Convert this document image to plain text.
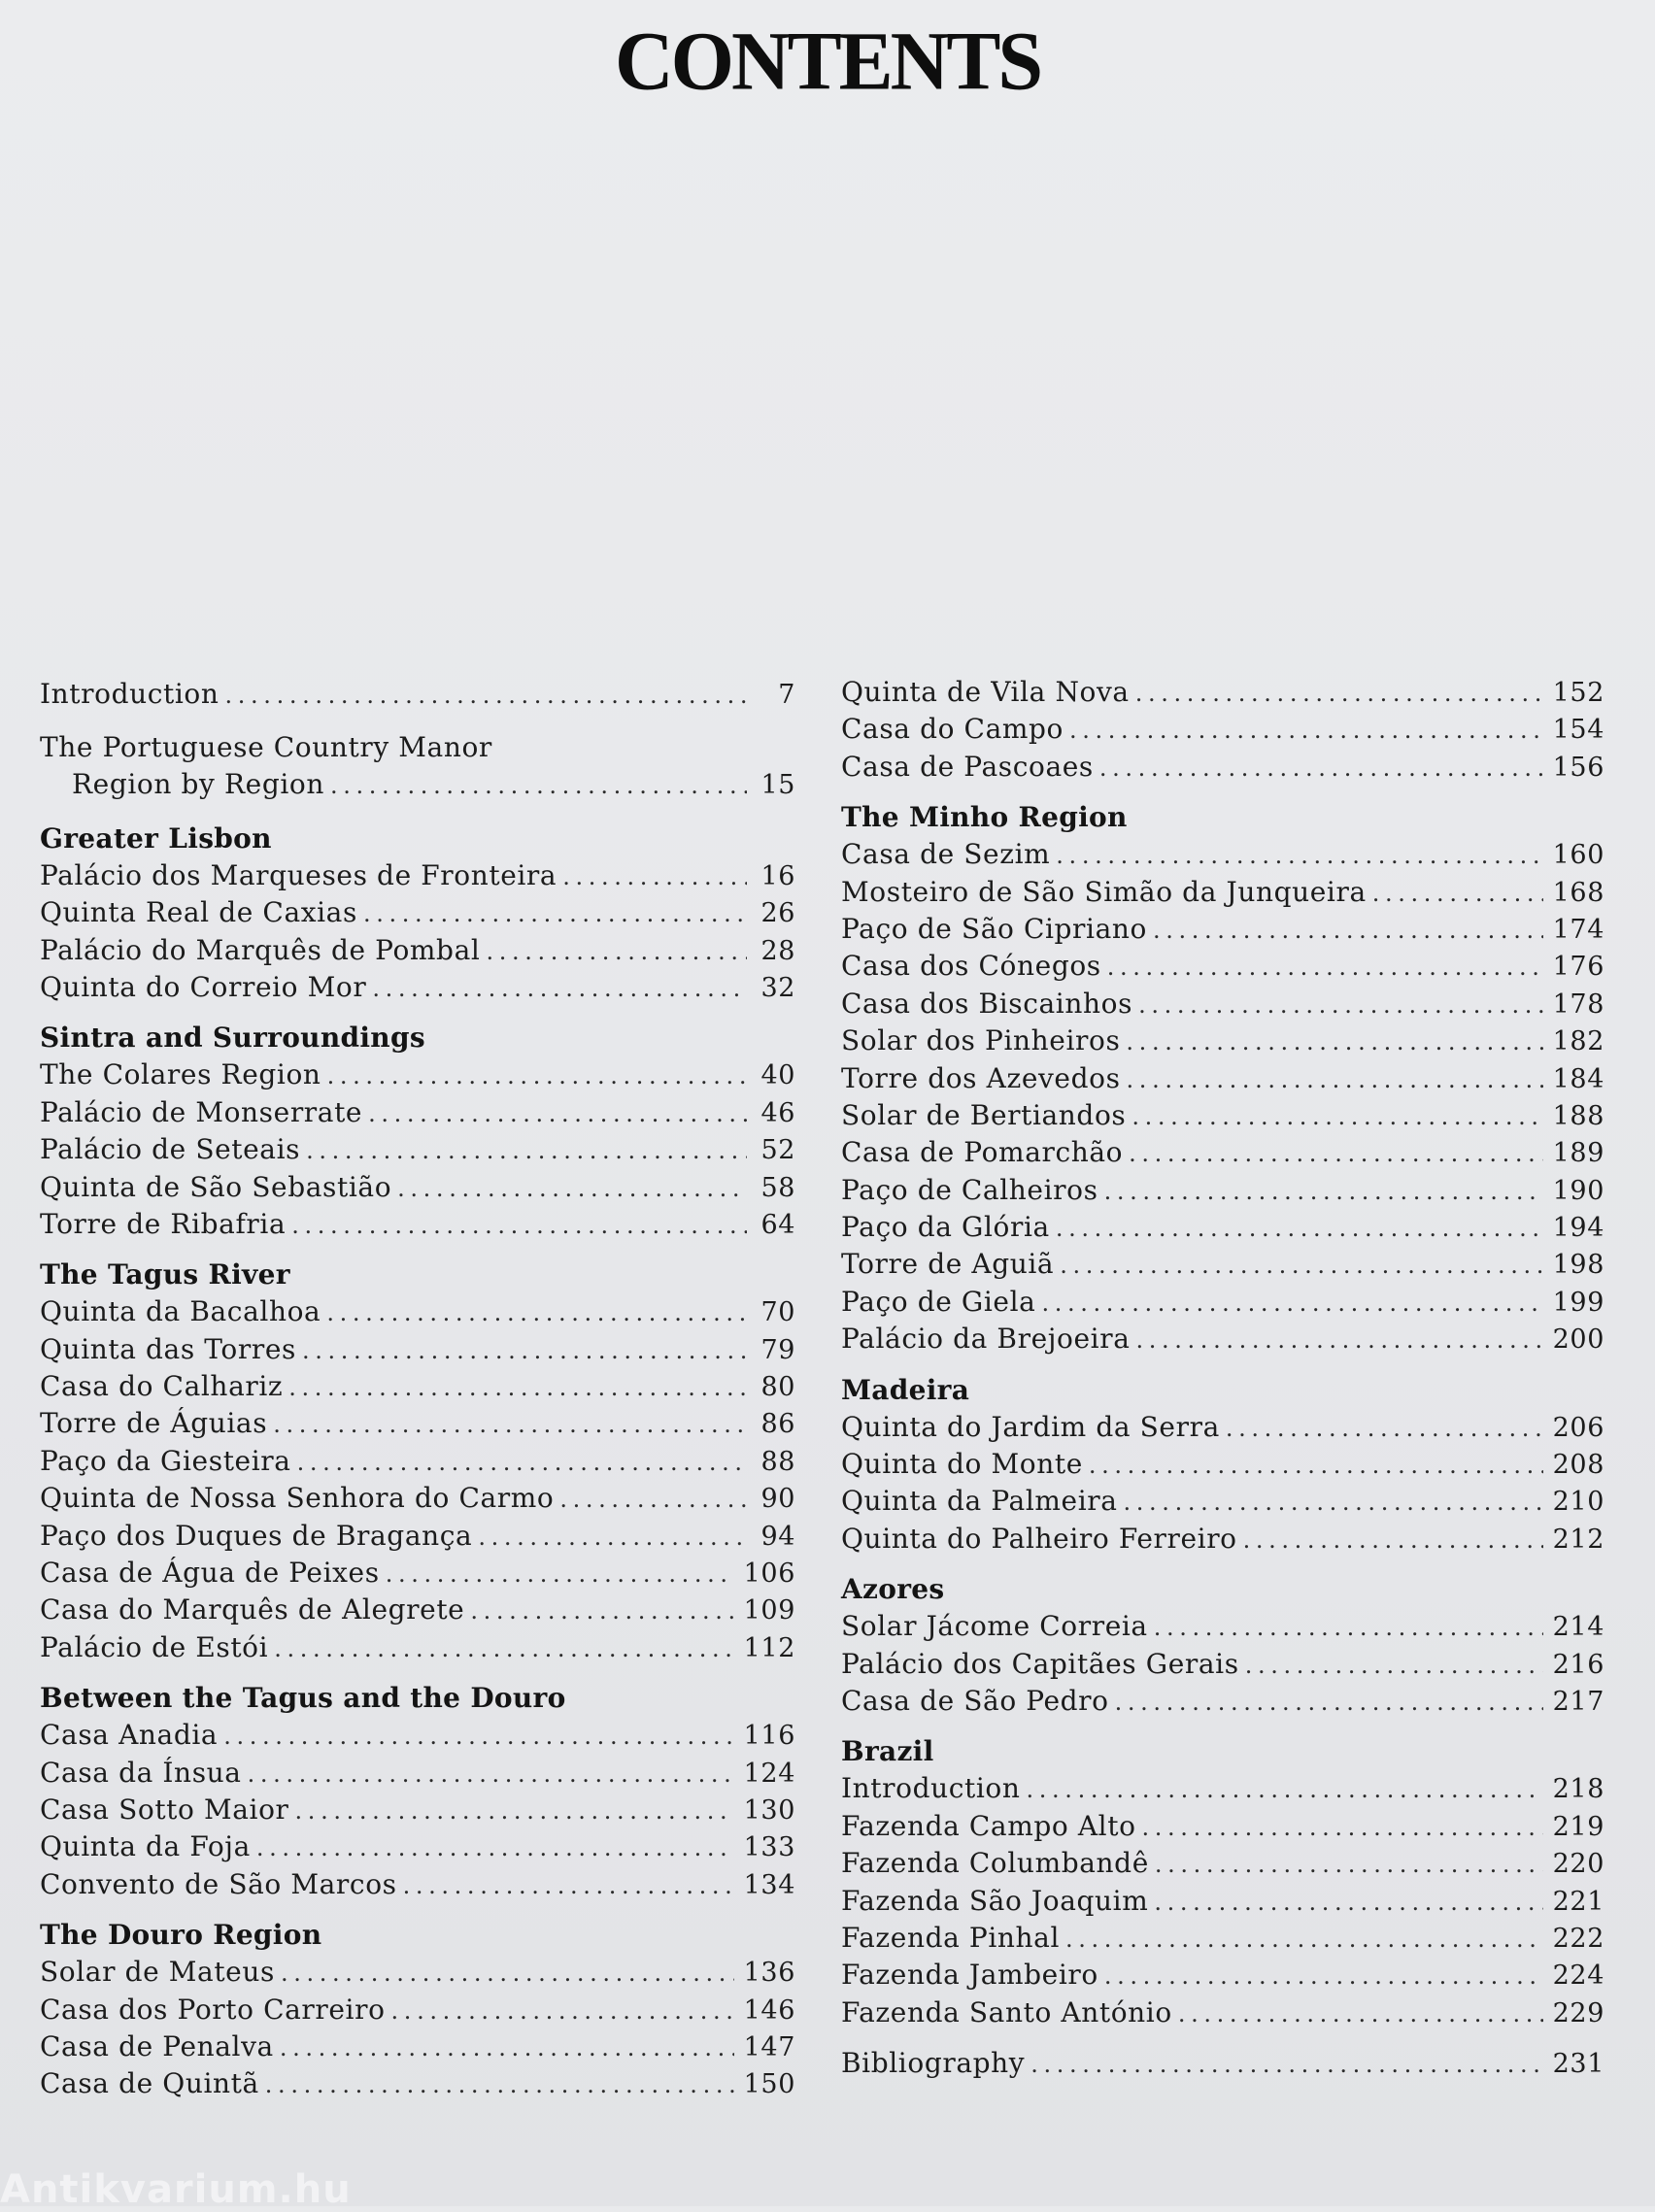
CONTENTS
Introduction . . .	7
The Portuguese Country Manor
Region by Region . . .	15
Greater Lisbon
Palácio dos Marqueses de Fronteira . . .	16
Quinta Real de Caxias . . .	26
Palácio do Marquês de Pombal . . .	28
Quinta do Correio Mor . . .	32
Sintra and Surroundings
The Colares Region . . .	40
Palácio de Monserrate . . .	46
Palácio de Seteais . . .	52
Quinta de São Sebastião . . .	58
Torre de Ribafria . . .	64
The Tagus River
Quinta da Bacalhoa . . .	70
Quinta das Torres . . .	79
Casa do Calhariz . . .	80
Torre de Águias . . .	86
Paço da Giesteira . . .	88
Quinta de Nossa Senhora do Carmo . . .	90
Paço dos Duques de Bragança . . .	94
Casa de Água de Peixes . . .	106
Casa do Marquês de Alegrete . . .	109
Palácio de Estói . . .	112
Between the Tagus and the Douro
Casa Anadia . . .	116
Casa da Ínsua . . .	124
Casa Sotto Maior . . .	130
Quinta da Foja . . .	133
Convento de São Marcos . . .	134
The Douro Region
Solar de Mateus . . .	136
Casa dos Porto Carreiro . . .	146
Casa de Penalva . . .	147
Casa de Quintã . . .	150
Quinta de Vila Nova . . .	152
Casa do Campo . . .	154
Casa de Pascoaes . . .	156
The Minho Region
Casa de Sezim . . .	160
Mosteiro de São Simão da Junqueira . . .	168
Paço de São Cipriano . . .	174
Casa dos Cónegos . . .	176
Casa dos Biscainhos . . .	178
Solar dos Pinheiros . . .	182
Torre dos Azevedos . . .	184
Solar de Bertiandos . . .	188
Casa de Pomarchão . . .	189
Paço de Calheiros . . .	190
Paço da Glória . . .	194
Torre de Aguiã . . .	198
Paço de Giela . . .	199
Palácio da Brejoeira . . .	200
Madeira
Quinta do Jardim da Serra . . .	206
Quinta do Monte . . .	208
Quinta da Palmeira . . .	210
Quinta do Palheiro Ferreiro . . .	212
Azores
Solar Jácome Correia . . .	214
Palácio dos Capitães Gerais . . .	216
Casa de São Pedro . . .	217
Brazil
Introduction . . .	218
Fazenda Campo Alto . . .	219
Fazenda Columbandê . . .	220
Fazenda São Joaquim . . .	221
Fazenda Pinhal . . .	222
Fazenda Jambeiro . . .	224
Fazenda Santo António . . .	229
Bibliography . . .	231
Antikvarium.hu
